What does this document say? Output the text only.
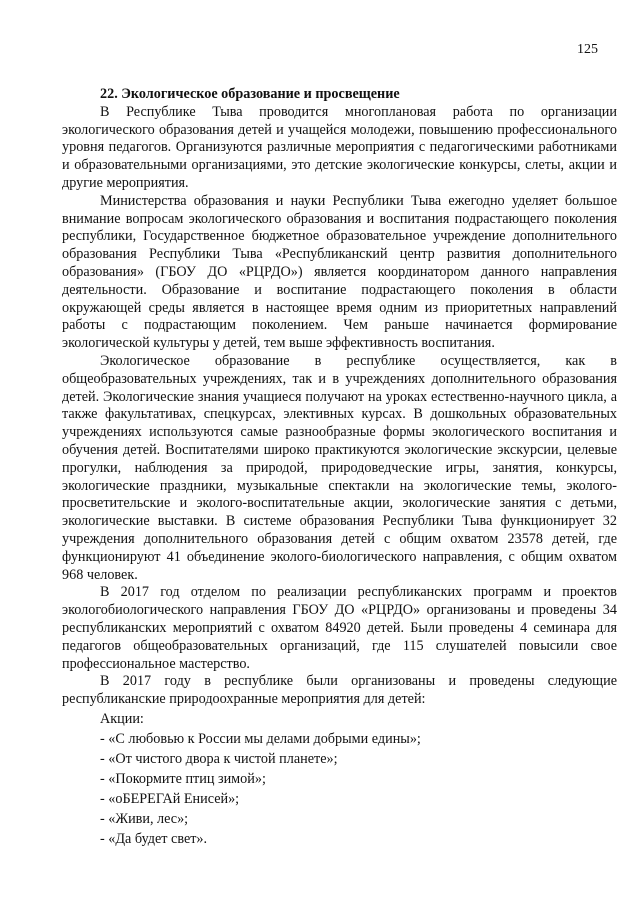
125
22. Экологическое образование и просвещение

В Республике Тыва проводится многоплановая работа по организации экологического образования детей и учащейся молодежи, повышению профессионального уровня педагогов. Организуются различные мероприятия с педагогическими работниками и образовательными организациями, это детские экологические конкурсы, слеты, акции и другие мероприятия.

Министерства образования и науки Республики Тыва ежегодно уделяет большое внимание вопросам экологического образования и воспитания подрастающего поколения республики, Государственное бюджетное образовательное учреждение дополнительного образования Республики Тыва «Республиканский центр развития дополнительного образования» (ГБОУ ДО «РЦРДО») является координатором данного направления деятельности. Образование и воспитание подрастающего поколения в области окружающей среды является в настоящее время одним из приоритетных направлений работы с подрастающим поколением. Чем раньше начинается формирование экологической культуры у детей, тем выше эффективность воспитания.

Экологическое образование в республике осуществляется, как в общеобразовательных учреждениях, так и в учреждениях дополнительного образования детей. Экологические знания учащиеся получают на уроках естественно-научного цикла, а также факультативах, спецкурсах, элективных курсах. В дошкольных образовательных учреждениях используются самые разнообразные формы экологического воспитания и обучения детей. Воспитателями широко практикуются экологические экскурсии, целевые прогулки, наблюдения за природой, природоведческие игры, занятия, конкурсы, экологические праздники, музыкальные спектакли на экологические темы, эколого-просветительские и эколого-воспитательные акции, экологические занятия с детьми, экологические выставки. В системе образования Республики Тыва функционирует 32 учреждения дополнительного образования детей с общим охватом 23578 детей, где функционируют 41 объединение эколого-биологического направления, с общим охватом 968 человек.

В 2017 год отделом по реализации республиканских программ и проектов экологобиологического направления ГБОУ ДО «РЦРДО» организованы и проведены 34 республиканских мероприятий с охватом 84920 детей. Были проведены 4 семинара для педагогов общеобразовательных организаций, где 115 слушателей повысили свое профессиональное мастерство.

В 2017 году в республике были организованы и проведены следующие республиканские природоохранные мероприятия для детей:

Акции:

- «С любовью к России мы делами добрыми едины»;
- «От чистого двора к чистой планете»;
- «Покормите птиц зимой»;
- «оБЕРЕГАй Енисей»;
- «Живи, лес»;
- «Да будет свет».
